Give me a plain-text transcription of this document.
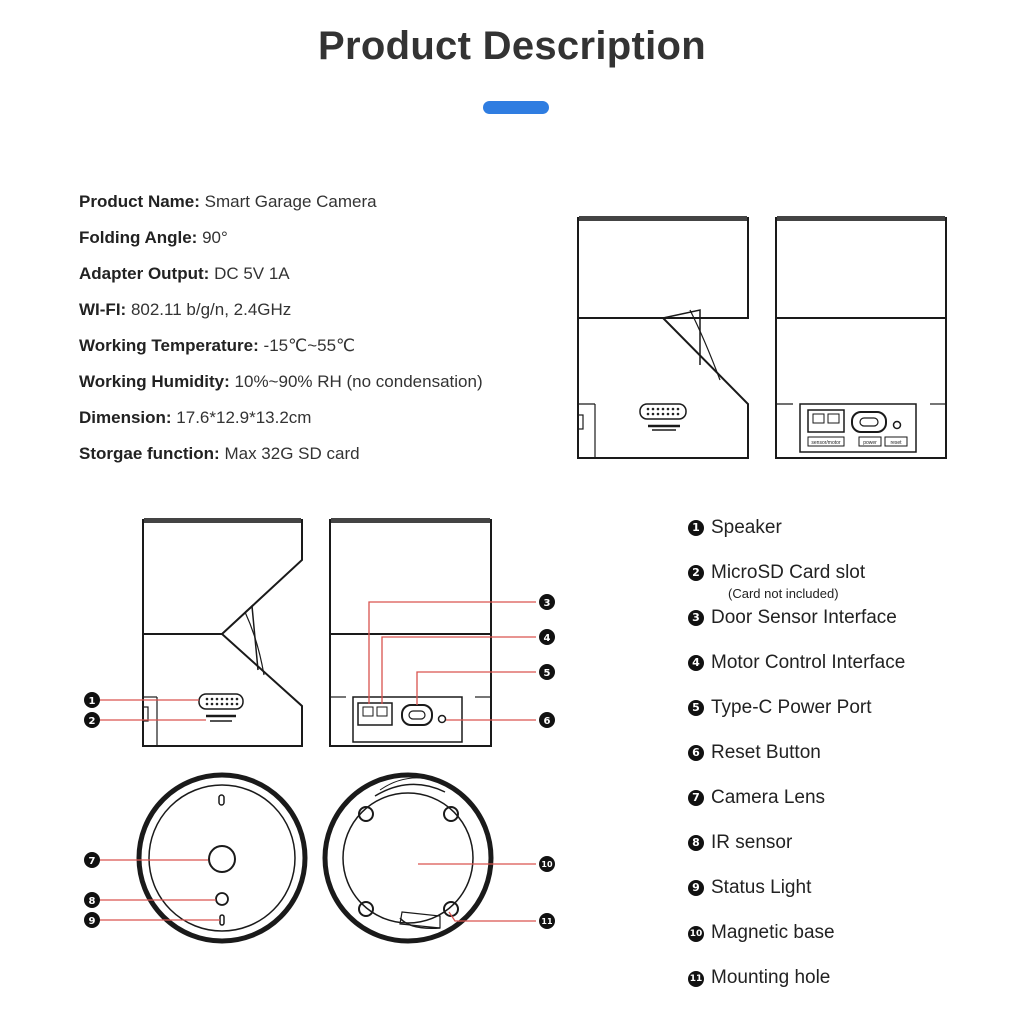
Product Description
Product Name: Smart Garage Camera
Folding Angle: 90°
Adapter Output: DC 5V 1A
WI-FI: 802.11 b/g/n, 2.4GHz
Working Temperature: -15℃~55℃
Working Humidity: 10%~90% RH (no condensation)
Dimension: 17.6*12.9*13.2cm
Storgae function: Max 32G SD card
sensor/motor	power	reset
1
2
3
4
5
6
7
8
9
10
11
1 Speaker
2 MicroSD Card slot
(Card not included)
3 Door Sensor Interface
4 Motor Control Interface
5 Type-C Power Port
6 Reset Button
7 Camera Lens
8 IR sensor
9 Status Light
10 Magnetic base
11 Mounting hole
